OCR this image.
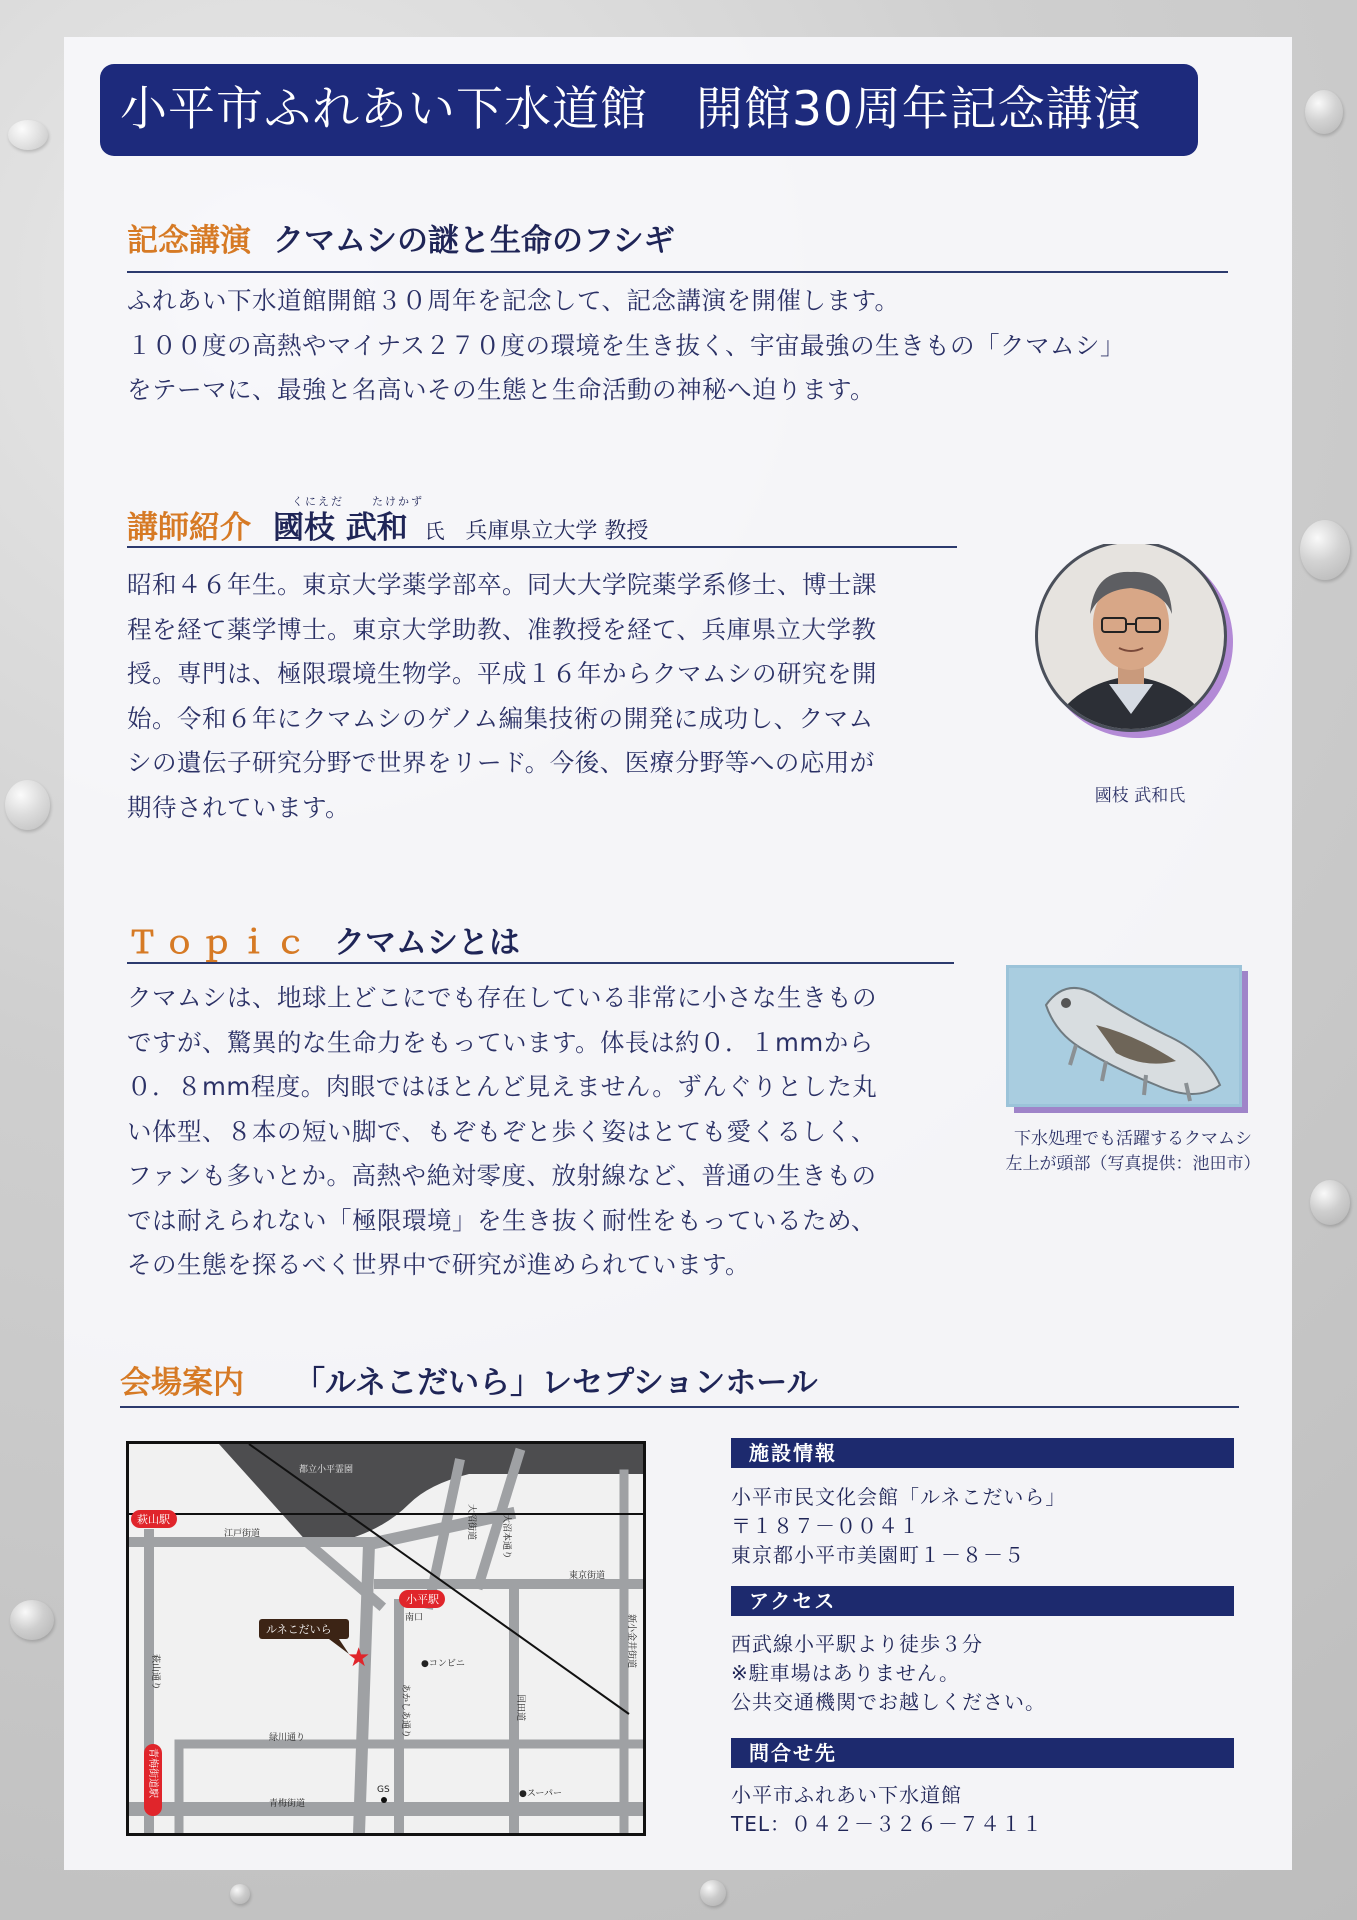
小平市ふれあい下水道館　開館30周年記念講演
記念講演 クマムシの謎と生命のフシギ
ふれあい下水道館開館３０周年を記念して、記念講演を開催します。
１００度の高熱やマイナス２７０度の環境を生き抜く、宇宙最強の生きもの「クマムシ」
をテーマに、最強と名高いその生態と生命活動の神秘へ迫ります。
くにえだ	たけかず
講師紹介 國枝 武和 氏 兵庫県立大学 教授
昭和４６年生。東京大学薬学部卒。同大大学院薬学系修士、博士課
程を経て薬学博士。東京大学助教、准教授を経て、兵庫県立大学教
授。専門は、極限環境生物学。平成１６年からクマムシの研究を開
始。令和６年にクマムシのゲノム編集技術の開発に成功し、クマム
シの遺伝子研究分野で世界をリード。今後、医療分野等への応用が
期待されています。	國枝 武和氏
Ｔｏｐｉｃ クマムシとは
クマムシは、地球上どこにでも存在している非常に小さな生きもの
ですが、驚異的な生命力をもっています。体長は約０．１mmから
０．８mm程度。肉眼ではほとんど見えません。ずんぐりとした丸
い体型、８本の短い脚で、もぞもぞと歩く姿はとても愛くるしく、
ファンも多いとか。高熱や絶対零度、放射線など、普通の生きもの
では耐えられない「極限環境」を生き抜く耐性をもっているため、
その生態を探るべく世界中で研究が進められています。
下水処理でも活躍するクマムシ
左上が頭部（写真提供：池田市）
会場案内 「ルネこだいら」レセプションホール
都立小平霊園
江戸街道
東京街道
青梅街道
緑川通り
萩山通り
あかしあ通り	回田道
新小金井街道
大沼街道	大沼本通り
萩山駅
小平駅
南口
青梅街道駅
ルネこだいら
★	●コンビニ
●スーパー
GS
施設情報
小平市民文化会館「ルネこだいら」
〒１８７－００４１
東京都小平市美園町１－８－５
アクセス
西武線小平駅より徒歩３分
※駐車場はありません。
公共交通機関でお越しください。
問合せ先
小平市ふれあい下水道館
TEL：０４２－３２６－７４１１
